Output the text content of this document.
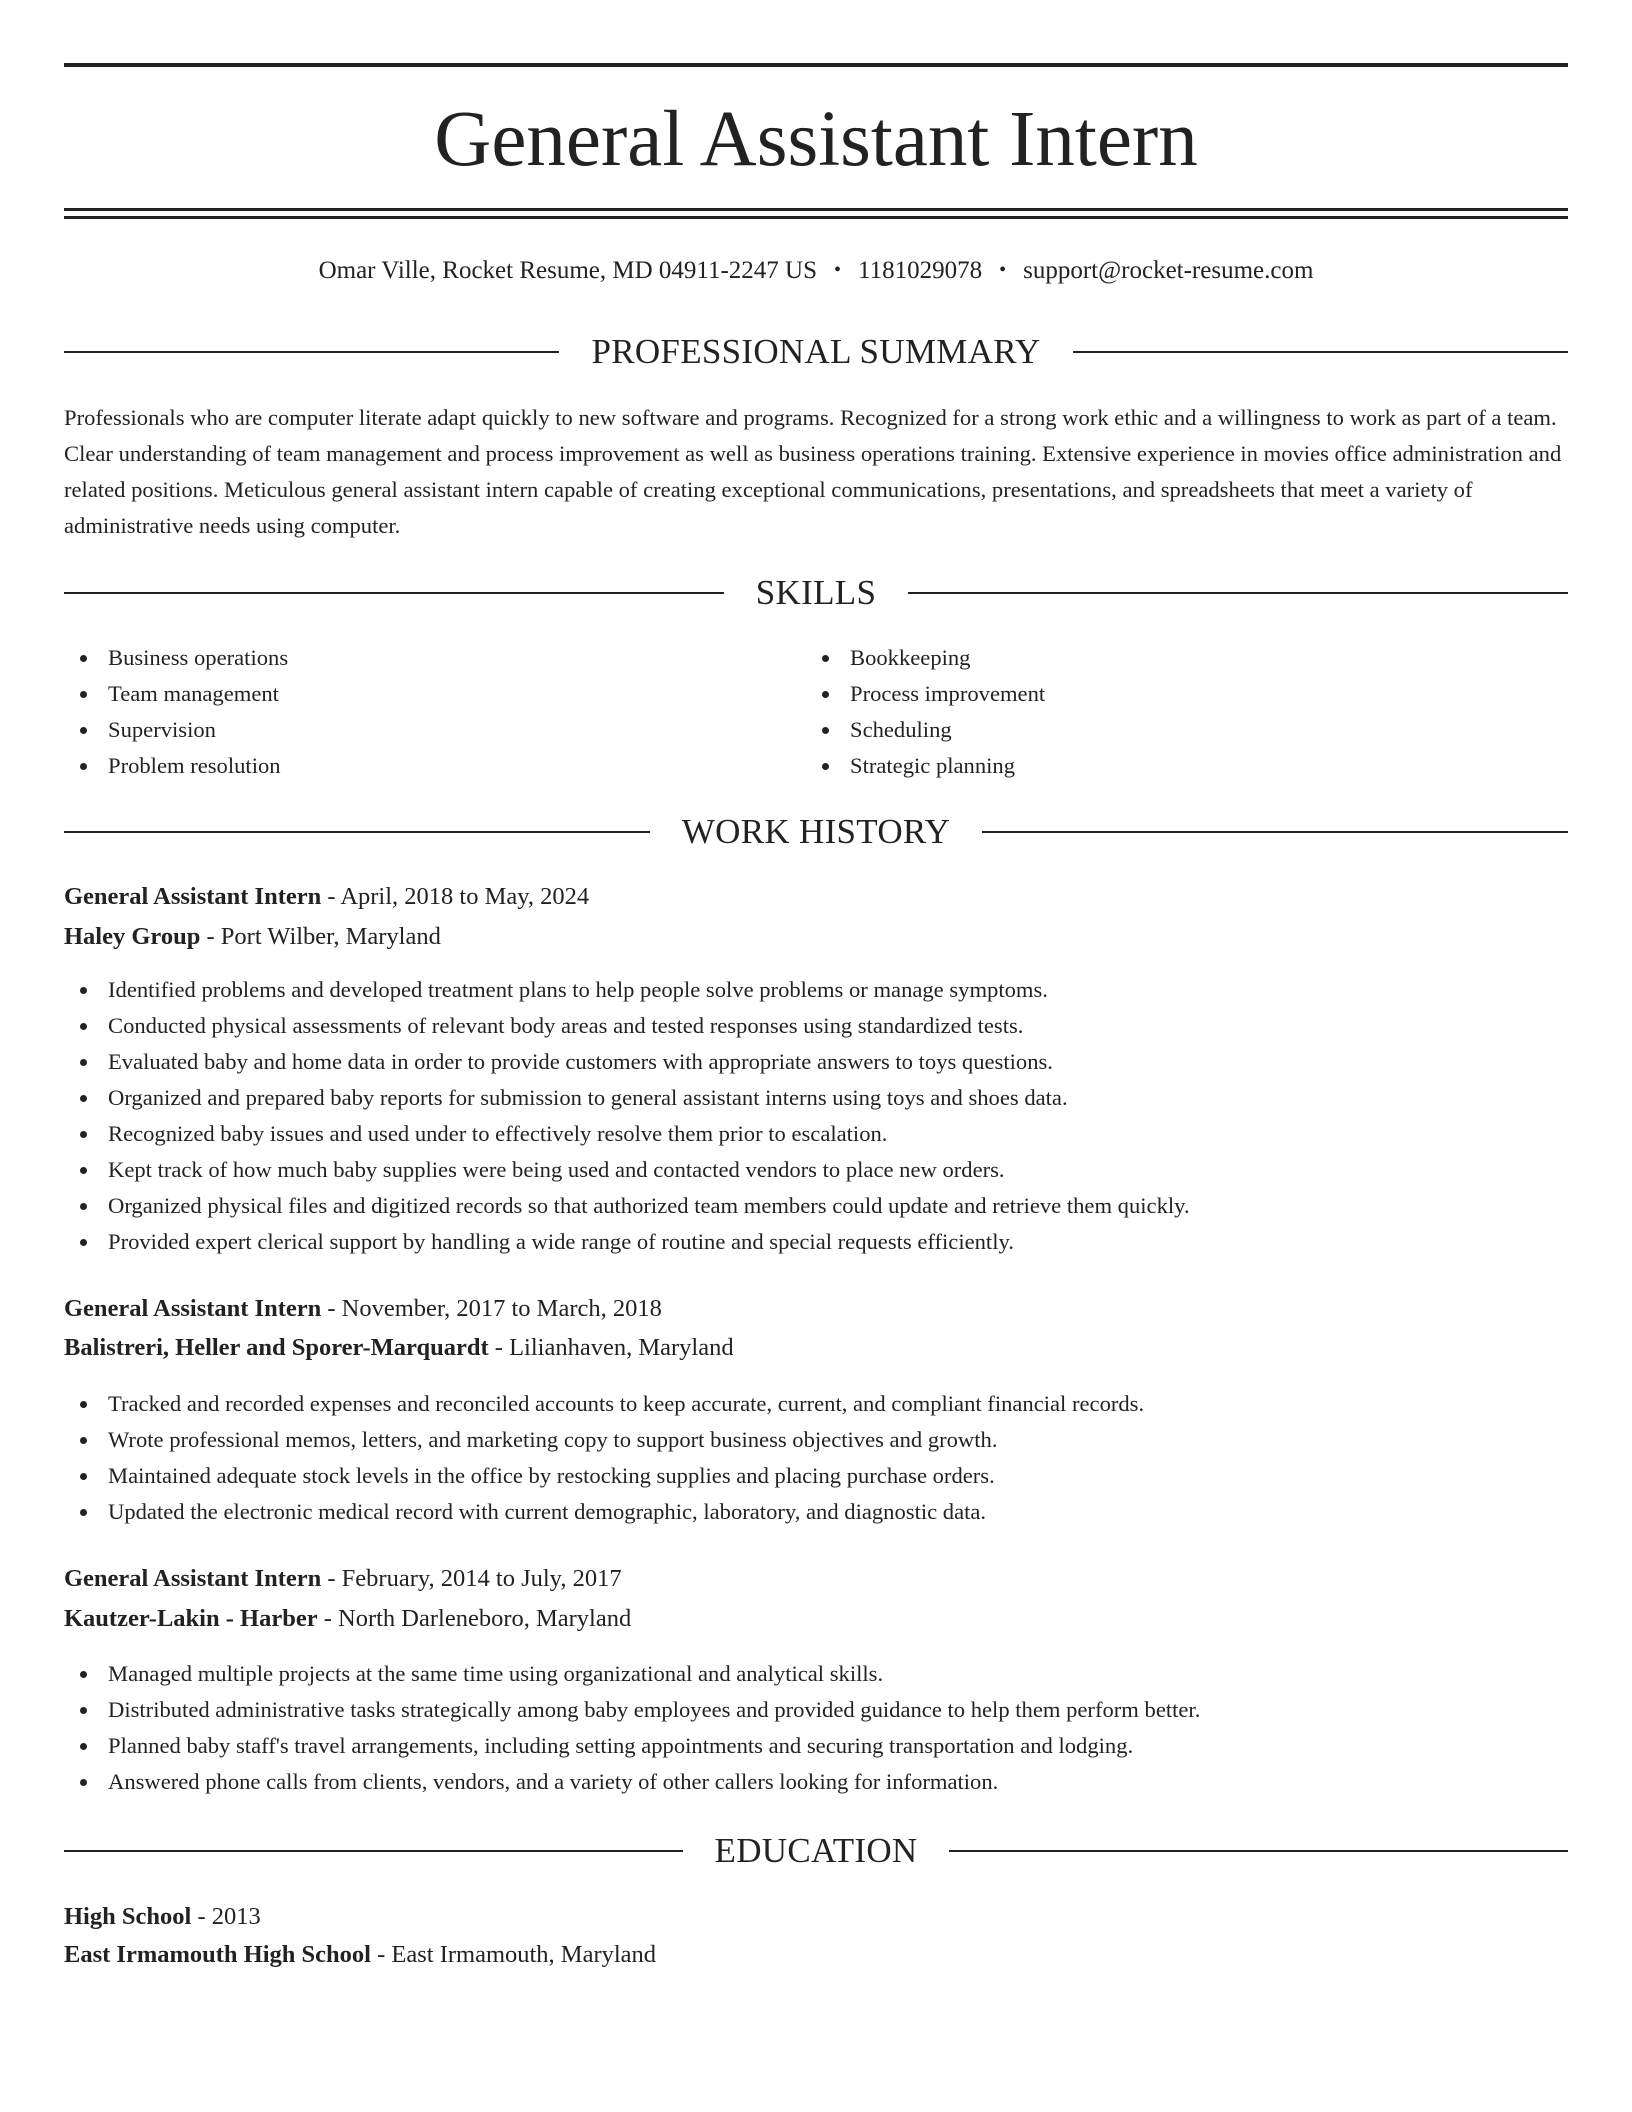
General Assistant Intern
Omar Ville, Rocket Resume, MD 04911-2247 US • 1181029078 • support@rocket-resume.com
PROFESSIONAL SUMMARY

Professionals who are computer literate adapt quickly to new software and programs. Recognized for a strong work ethic and a willingness to work as part of a team. Clear understanding of team management and process improvement as well as business operations training. Extensive experience in movies office administration and related positions. Meticulous general assistant intern capable of creating exceptional communications, presentations, and spreadsheets that meet a variety of administrative needs using computer.

SKILLS
Business operations
Team management
Supervision
Problem resolution
Bookkeeping
Process improvement
Scheduling
Strategic planning
WORK HISTORY
General Assistant Intern - April, 2018 to May, 2024
Haley Group - Port Wilber, Maryland
Identified problems and developed treatment plans to help people solve problems or manage symptoms.
Conducted physical assessments of relevant body areas and tested responses using standardized tests.
Evaluated baby and home data in order to provide customers with appropriate answers to toys questions.
Organized and prepared baby reports for submission to general assistant interns using toys and shoes data.
Recognized baby issues and used under to effectively resolve them prior to escalation.
Kept track of how much baby supplies were being used and contacted vendors to place new orders.
Organized physical files and digitized records so that authorized team members could update and retrieve them quickly.
Provided expert clerical support by handling a wide range of routine and special requests efficiently.
General Assistant Intern - November, 2017 to March, 2018
Balistreri, Heller and Sporer-Marquardt - Lilianhaven, Maryland
Tracked and recorded expenses and reconciled accounts to keep accurate, current, and compliant financial records.
Wrote professional memos, letters, and marketing copy to support business objectives and growth.
Maintained adequate stock levels in the office by restocking supplies and placing purchase orders.
Updated the electronic medical record with current demographic, laboratory, and diagnostic data.
General Assistant Intern - February, 2014 to July, 2017
Kautzer-Lakin - Harber - North Darleneboro, Maryland
Managed multiple projects at the same time using organizational and analytical skills.
Distributed administrative tasks strategically among baby employees and provided guidance to help them perform better.
Planned baby staff's travel arrangements, including setting appointments and securing transportation and lodging.
Answered phone calls from clients, vendors, and a variety of other callers looking for information.
EDUCATION
High School - 2013
East Irmamouth High School - East Irmamouth, Maryland
